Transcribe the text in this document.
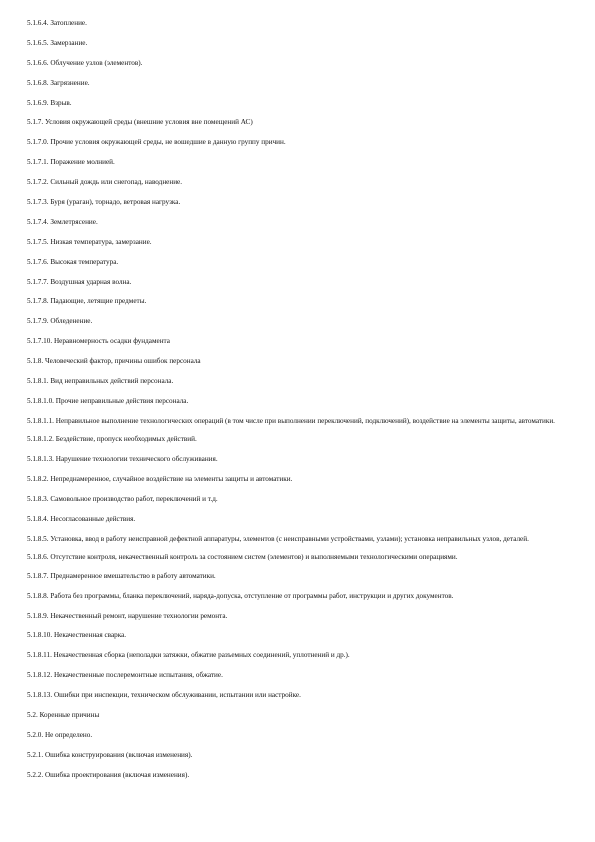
5.1.6.4. Затопление.
5.1.6.5. Замерзание.
5.1.6.6. Облучение узлов (элементов).
5.1.6.8. Загрязнение.
5.1.6.9. Взрыв.
5.1.7. Условия окружающей среды (внешние условия вне помещений АС)
5.1.7.0. Прочие условия окружающей среды, не вошедшие в данную группу причин.
5.1.7.1. Поражение молнией.
5.1.7.2. Сильный дождь или снегопад, наводнение.
5.1.7.3. Буря (ураган), торнадо, ветровая нагрузка.
5.1.7.4. Землетрясение.
5.1.7.5. Низкая температура, замерзание.
5.1.7.6. Высокая температура.
5.1.7.7. Воздушная ударная волна.
5.1.7.8. Падающие, летящие предметы.
5.1.7.9. Обледенение.
5.1.7.10. Неравномерность осадки фундамента
5.1.8. Человеческий фактор, причины ошибок персонала
5.1.8.1. Вид неправильных действий персонала.
5.1.8.1.0. Прочие неправильные действия персонала.
5.1.8.1.1. Неправильное выполнение технологических операций (в том числе при выполнении переключений, подключений), воздействие на элементы защиты, автоматики.
5.1.8.1.2. Бездействие, пропуск необходимых действий.
5.1.8.1.3. Нарушение технологии технического обслуживания.
5.1.8.2. Непреднамеренное, случайное воздействие на элементы защиты и автоматики.
5.1.8.3. Самовольное производство работ, переключений и т.д.
5.1.8.4. Несогласованные действия.
5.1.8.5. Установка, ввод в работу неисправной дефектной аппаратуры, элементов (с неисправными устройствами, узлами); установка неправильных узлов, деталей.
5.1.8.6. Отсутствие контроля, некачественный контроль за состоянием систем (элементов) и выполняемыми технологическими операциями.
5.1.8.7. Преднамеренное вмешательство в работу автоматики.
5.1.8.8. Работа без программы, бланка переключений, наряда-допуска, отступление от программы работ, инструкции и других документов.
5.1.8.9. Некачественный ремонт, нарушение технологии ремонта.
5.1.8.10. Некачественная сварка.
5.1.8.11. Некачественная сборка (неполадки затяжки, обжатие разъемных соединений, уплотнений и др.).
5.1.8.12. Некачественные послеремонтные испытания, обжатие.
5.1.8.13. Ошибки при инспекции, техническом обслуживании, испытании или настройке.
5.2. Коренные причины
5.2.0. Не определено.
5.2.1. Ошибка конструирования (включая изменения).
5.2.2. Ошибка проектирования (включая изменения).
